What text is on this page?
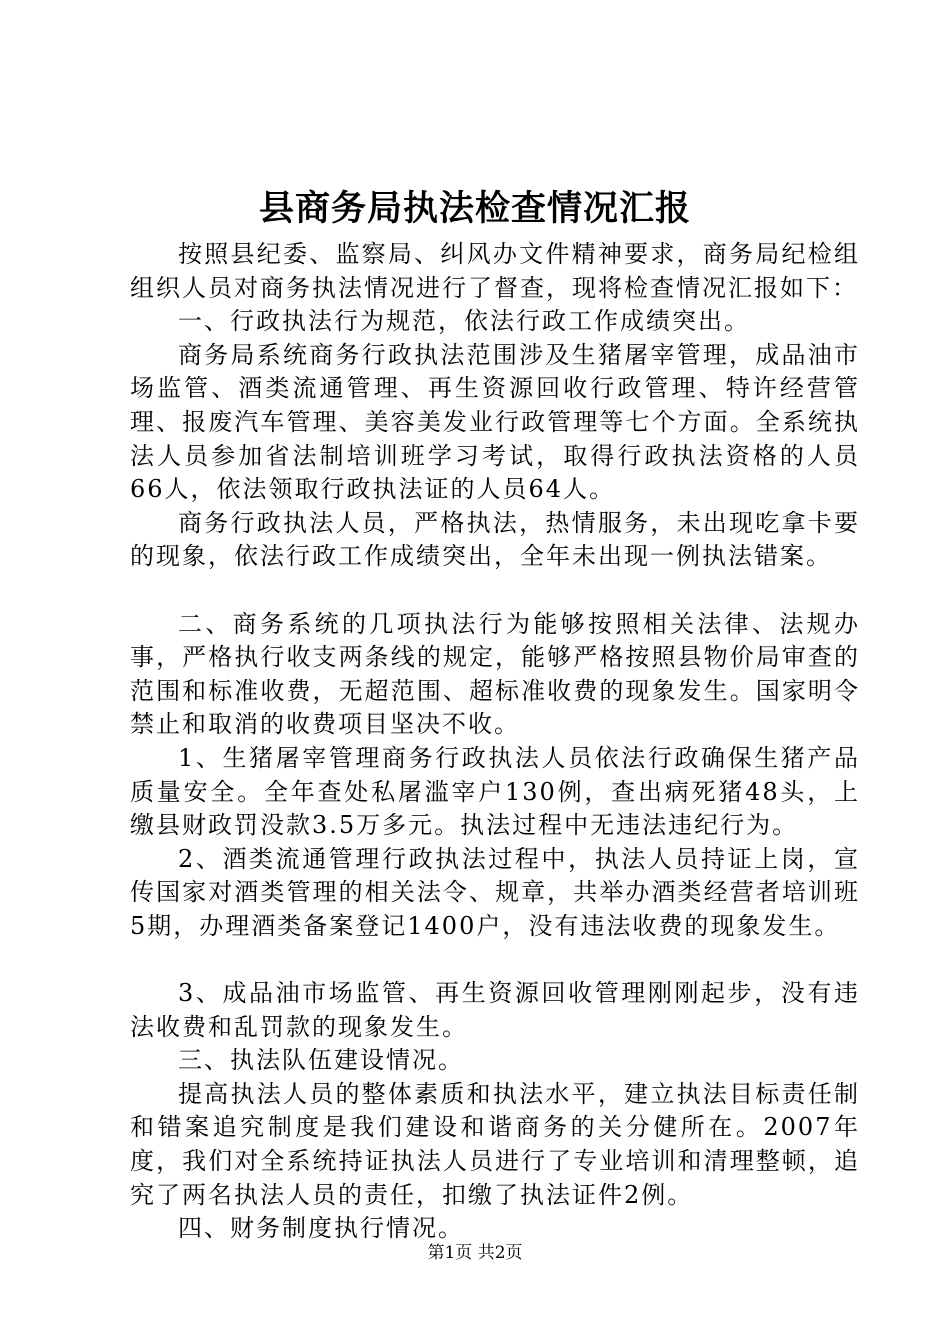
县商务局执法检查情况汇报

按照县纪委、监察局、纠风办文件精神要求，商务局纪检组组织人员对商务执法情况进行了督查，现将检查情况汇报如下：

一、行政执法行为规范，依法行政工作成绩突出。

商务局系统商务行政执法范围涉及生猪屠宰管理，成品油市场监管、酒类流通管理、再生资源回收行政管理、特许经营管理、报废汽车管理、美容美发业行政管理等七个方面。全系统执法人员参加省法制培训班学习考试，取得行政执法资格的人员66人，依法领取行政执法证的人员64人。

商务行政执法人员，严格执法，热情服务，未出现吃拿卡要的现象，依法行政工作成绩突出，全年未出现一例执法错案。

二、商务系统的几项执法行为能够按照相关法律、法规办事，严格执行收支两条线的规定，能够严格按照县物价局审查的范围和标准收费，无超范围、超标准收费的现象发生。国家明令禁止和取消的收费项目坚决不收。

1、生猪屠宰管理商务行政执法人员依法行政确保生猪产品质量安全。全年查处私屠滥宰户130例，查出病死猪48头，上缴县财政罚没款3.5万多元。执法过程中无违法违纪行为。

2、酒类流通管理行政执法过程中，执法人员持证上岗，宣传国家对酒类管理的相关法令、规章，共举办酒类经营者培训班5期，办理酒类备案登记1400户，没有违法收费的现象发生。

3、成品油市场监管、再生资源回收管理刚刚起步，没有违法收费和乱罚款的现象发生。

三、执法队伍建设情况。

提高执法人员的整体素质和执法水平，建立执法目标责任制和错案追究制度是我们建设和谐商务的关分健所在。2007年度，我们对全系统持证执法人员进行了专业培训和清理整顿，追究了两名执法人员的责任，扣缴了执法证件2例。

四、财务制度执行情况。

第1页 共2页
